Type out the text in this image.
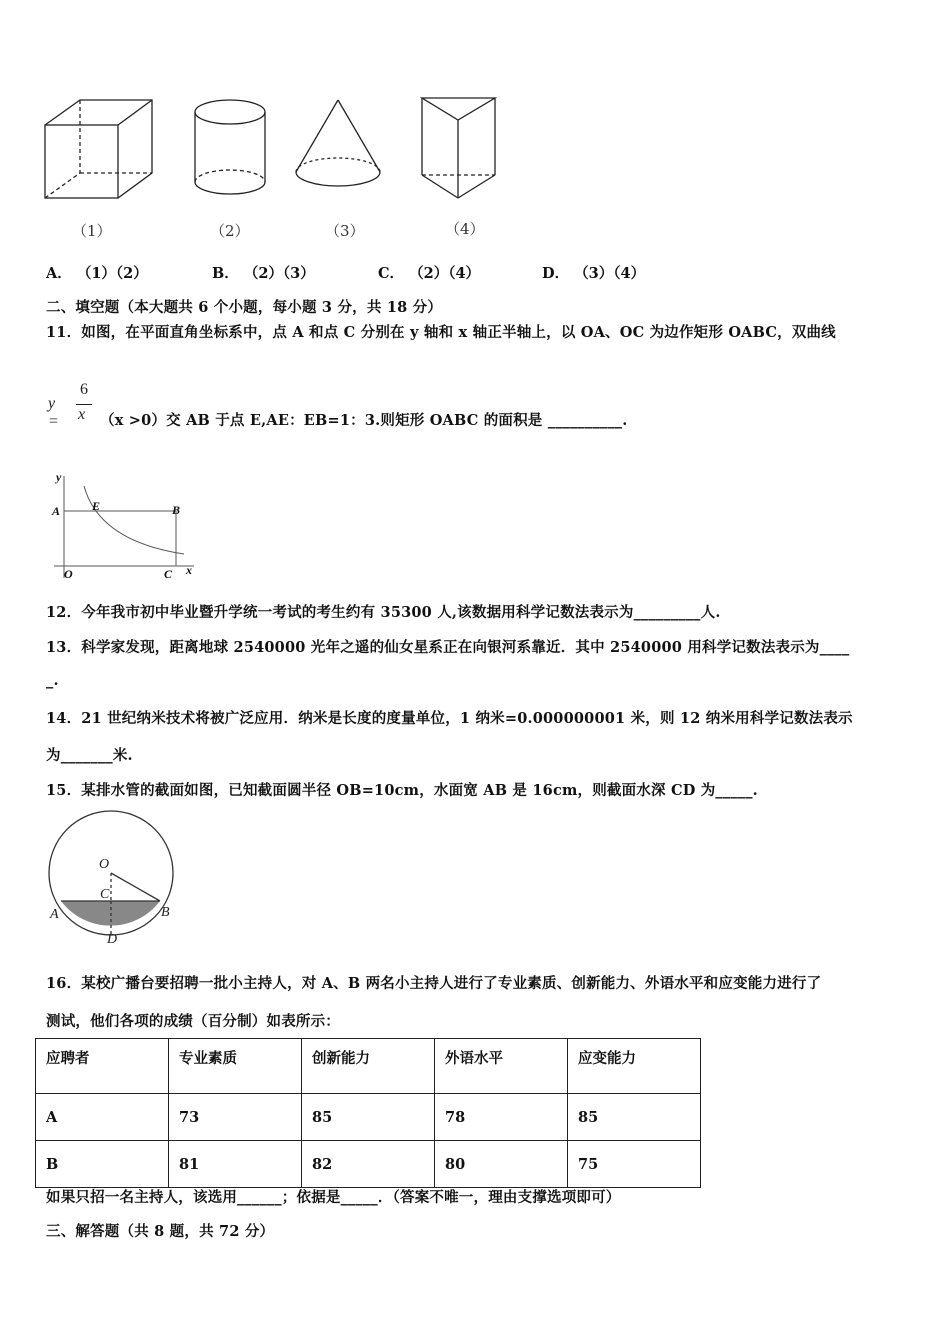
（1）	（2）	（3）	（4）
A． （1）（2）	B． （2）（3）	C． （2）（4）	D． （3）（4）
二、填空题（本大题共 6 个小题，每小题 3 分，共 18 分）
11．如图，在平面直角坐标系中，点 A 和点 C 分别在 y 轴和 x 轴正半轴上，以 OA、OC 为边作矩形 OABC，双曲线
y =
6
x （x >0）交 AB 于点 E,AE：EB=1：3.则矩形 OABC 的面积是 __________.
y
A	E	B
O	C x
12．今年我市初中毕业暨升学统一考试的考生约有 35300 人,该数据用科学记数法表示为_________人.
13．科学家发现，距离地球 2540000 光年之遥的仙女星系正在向银河系靠近．其中 2540000 用科学记数法表示为____
_.
14．21 世纪纳米技术将被广泛应用．纳米是长度的度量单位，1 纳米=0.000000001 米，则 12 纳米用科学记数法表示
为_______米.
15．某排水管的截面如图，已知截面圆半径 OB=10cm，水面宽 AB 是 16cm，则截面水深 CD 为_____.
O
C
A	B
D
16．某校广播台要招聘一批小主持人，对 A、B 两名小主持人进行了专业素质、创新能力、外语水平和应变能力进行了
测试，他们各项的成绩（百分制）如表所示：
应聘者	专业素质	创新能力	外语水平	应变能力
A	73	85	78	85
B	81	82	80	75
如果只招一名主持人，该选用______；依据是_____．（答案不唯一，理由支撑选项即可）
三、解答题（共 8 题，共 72 分）
